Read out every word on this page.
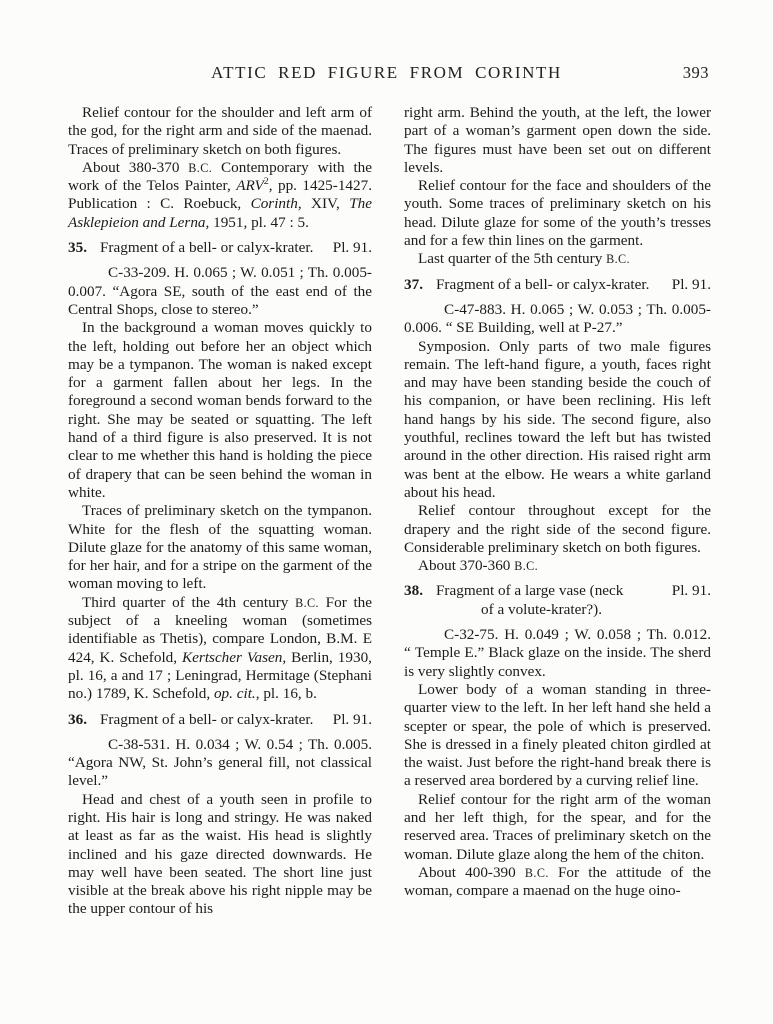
ATTIC RED FIGURE FROM CORINTH	393

Relief contour for the shoulder and left arm of the god, for the right arm and side of the maenad. Traces of preliminary sketch on both figures.

About 380-370 B.C. Contemporary with the work of the Telos Painter, ARV$^2$, pp. 1425-1427. Publication : C. Roebuck, Corinth, XIV, The Asklepieion and Lerna, 1951, pl. 47 : 5.

35. Fragment of a bell- or calyx-krater.	Pl. 91.

C-33-209. H. 0.065 ; W. 0.051 ; Th. 0.005-0.007. “Agora SE, south of the east end of the Central Shops, close to stereo.”

In the background a woman moves quickly to the left, holding out before her an object which may be a tympanon. The woman is naked except for a garment fallen about her legs. In the foreground a second woman bends forward to the right. She may be seated or squatting. The left hand of a third figure is also preserved. It is not clear to me whether this hand is holding the piece of drapery that can be seen behind the woman in white.

Traces of preliminary sketch on the tympanon. White for the flesh of the squatting woman. Dilute glaze for the anatomy of this same woman, for her hair, and for a stripe on the garment of the woman moving to left.

Third quarter of the 4th century B.C. For the subject of a kneeling woman (sometimes identifiable as Thetis), compare London, B.M. E 424, K. Schefold, Kertscher Vasen, Berlin, 1930, pl. 16, a and 17 ; Leningrad, Hermitage (Stephani no.) 1789, K. Schefold, op. cit., pl. 16, b.

36. Fragment of a bell- or calyx-krater.	Pl. 91.

C-38-531. H. 0.034 ; W. 0.54 ; Th. 0.005. “Agora NW, St. John’s general fill, not classical level.”

Head and chest of a youth seen in profile to right. His hair is long and stringy. He was naked at least as far as the waist. His head is slightly inclined and his gaze directed downwards. He may well have been seated. The short line just visible at the break above his right nipple may be the upper contour of his

right arm. Behind the youth, at the left, the lower part of a woman’s garment open down the side. The figures must have been set out on different levels.

Relief contour for the face and shoulders of the youth. Some traces of preliminary sketch on his head. Dilute glaze for some of the youth’s tresses and for a few thin lines on the garment.

Last quarter of the 5th century B.C.

37. Fragment of a bell- or calyx-krater.	Pl. 91.

C-47-883. H. 0.065 ; W. 0.053 ; Th. 0.005-0.006. “ SE Building, well at P-27.”

Symposion. Only parts of two male figures remain. The left-hand figure, a youth, faces right and may have been standing beside the couch of his companion, or have been reclining. His left hand hangs by his side. The second figure, also youthful, reclines toward the left but has twisted around in the other direction. His raised right arm was bent at the elbow. He wears a white garland about his head.

Relief contour throughout except for the drapery and the right side of the second figure. Considerable preliminary sketch on both figures.

About 370-360 B.C.

38. Fragment of a large vase (neck
of a volute-krater?).
Pl. 91.

C-32-75. H. 0.049 ; W. 0.058 ; Th. 0.012. “ Temple E.” Black glaze on the inside. The sherd is very slightly convex.

Lower body of a woman standing in three-quarter view to the left. In her left hand she held a scepter or spear, the pole of which is preserved. She is dressed in a finely pleated chiton girdled at the waist. Just before the right-hand break there is a reserved area bordered by a curving relief line.

Relief contour for the right arm of the woman and her left thigh, for the spear, and for the reserved area. Traces of preliminary sketch on the woman. Dilute glaze along the hem of the chiton.

About 400-390 B.C. For the attitude of the woman, compare a maenad on the huge oino-
